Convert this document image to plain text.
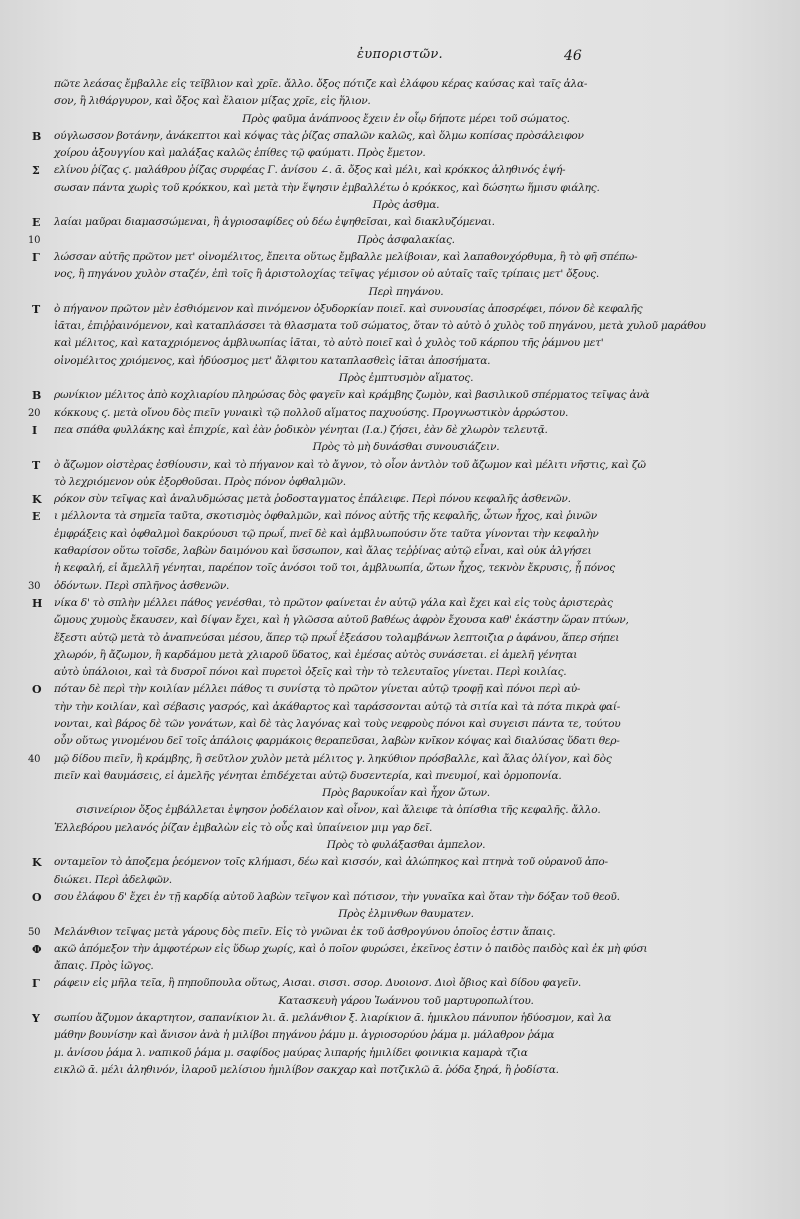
ἐυποριστῶν.	46
πῶτε λεάσας ἔμβαλλε εἰς τεῖβλιον καὶ χρῖε. ἄλλο. ὄξος πότιζε καὶ ἐλάφου κέρας καύσας καὶ ταῖς ἀλα-
σον, ἢ λιθάργυρον, καὶ ὄξος καὶ ἔλαιον μίξας χρῖε, εἰς ἥλιον.
Πρὸς φαῦμα ἀνάπνοος ἔχειν ἐν οἷῳ δήποτε μέρει τοῦ σώματος.
Β	ούγλωσσον βοτάνην, ἀνάκεπτοι καὶ κόψας τὰς ῥίζας σπαλῶν καλῶς, καὶ ὅλμω κοπίσας πρὸσάλειφον
χοίρου ἀξουγγίου καὶ μαλάξας καλῶς ἐπίθες τῷ φαύματι. Πρὸς ἔμετον.
Σ	ελίνου ῥίζας ϛ. μαλάθρου ῥίζας συρφέας Γ. ἀνίσου ∠. ᾱ. ὄξος καὶ μέλι, καὶ κρόκκος ἀληθινός ἑψή-
σωσαν πάντα χωρὶς τοῦ κρόκκου, καὶ μετὰ τὴν ἕψησιν ἐμβαλλέτω ὁ κρόκκος, καὶ δώσητω ἥμισυ φιάλης.
Πρὸς ἀσθμα.
Ε	λαίαι μαῦραι διαμασσώμεναι, ἢ ἀγριοσαφίδες οὐ δέω ἐψηθεῖσαι, καὶ διακλυζόμεναι.
10	Πρὸς ἀσφαλακίας.
Γ	λώσσαν αὐτῆς πρῶτον μετ' οἰνομέλιτος, ἔπειτα οὕτως ἔμβαλλε μελίβοιαν, καὶ λαπαθονχόρθυμα, ἢ τὸ φῆ σπέπω-
νος, ἢ πηγάνου χυλὸν σταζέν, ἐπὶ τοῖς ἢ ἀριστολοχίας τεῖψας γέμισον οὐ αὐταῖς ταῖς τρίπαις μετ' ὄξους.
Περὶ πηγάνου.
Τ	ὸ πήγανον πρῶτον μὲν ἐσθιόμενον καὶ πινόμενον ὀξυδορκίαν ποιεῖ. καὶ συνουσίας ἀποσρέφει, πόνον δὲ κεφαλῆς
ἰᾶται, ἐπιῤῥαινόμενον, καὶ καταπλάσσει τὰ θλασματα τοῦ σώματος, ὅταν τὸ αὐτὸ ὁ χυλὸς τοῦ πηγάνου, μετὰ χυλοῦ μαράθου
καὶ μέλιτος, καὶ καταχριόμενος ἀμβλυωπίας ἰᾶται, τὸ αὐτὸ ποιεῖ καὶ ὁ χυλὸς τοῦ κάρπου τῆς ῥάμνου μετ'
οἰνομέλιτος χριόμενος, καὶ ἡδύοσμος μετ' ἄλφιτου καταπλασθεὶς ἰᾶται ἀποσήματα.
Πρὸς ἐμπτυσμὸν αἵματος.
Β	ρωνίκιον μέλιτος ἀπὸ κοχλιαρίου πληρώσας δὸς φαγεῖν καὶ κράμβης ζωμὸν, καὶ βασιλικοῦ σπέρματος τεῖψας ἀνὰ
20	κόκκους ϛ. μετὰ οἴνου δὸς πιεῖν γυναικὶ τῷ πολλοῦ αἵματος παχυούσης. Προγνωστικὸν ἀρρώστου.
Ι	πεα σπάθα φυλλάκης καὶ ἐπιχρίε, καὶ ἐὰν ῥοδικὸν γένηται (Ι.α.) ζήσει, ἐὰν δὲ χλωρὸν τελευτᾷ.
Πρὸς τὸ μὴ δυνάσθαι συνουσιάζειν.
Τ	ὸ ἄζωμον οἰστὲρας ἐσθίουσιν, καὶ τὸ πήγανον καὶ τὸ ἄγνον, τὸ οἷον ἀντλὸν τοῦ ἄζωμον καὶ μέλιτι νῆστις, καὶ ζῶ
τὸ λεχριόμενον οὐκ ἐξορθοῦσαι. Πρὸς πόνον ὀφθαλμῶν.
Κ	ρόκον σὺν τεῖψας καὶ ἀναλυδμώσας μετὰ ῥοδοσταγματος ἐπάλειφε. Περὶ πόνου κεφαλῆς ἀσθενῶν.
Ε	ι μέλλοντα τὰ σημεῖα ταῦτα, σκοτισμὸς ὀφθαλμῶν, καὶ πόνος αὐτῆς τῆς κεφαλῆς, ὦτων ἦχος, καὶ ῥινῶν
ἐμφράξεις καὶ ὀφθαλμοὶ δακρύουσι τῷ πρωΐ, πνεῖ δὲ καὶ ἀμβλυωπούσιν ὅτε ταῦτα γίνονται τὴν κεφαλὴν
καθαρίσον οὕτω τοῖσδε, λαβὼν δαιμόνου καὶ ὕσσωπον, καὶ ἄλας τεῤῥίνας αὐτῷ εἶναι, καὶ οὐκ ἀλγήσει
ἡ κεφαλή, εἰ ἄμελλῆ γένηται, παρέπον τοῖς ἀνόσοι τοῦ τοι, ἀμβλυωπία, ὤτων ἦχος, τεκνὸν ἔκρυσις, ᾗ πόνος
30	ὀδόντων. Περὶ σπλῆνος ἀσθενῶν.
Η	νίκα δ' τὸ σπλὴν μέλλει πάθος γενέσθαι, τὸ πρῶτον φαίνεται ἐν αὐτῷ γάλα καὶ ἔχει καὶ εἰς τοὺς ἀριστερὰς
ὤμους χυμοὺς ἔκαυσεν, καὶ δίψαν ἔχει, καὶ ἡ γλῶσσα αὐτοῦ βαθέως ἀφρὸν ἔχουσα καθ' ἑκάστην ὥραν πτύων,
ἔξεστι αὐτῷ μετὰ τὸ ἀναπνεύσαι μέσου, ἅπερ τῷ πρωΐ ἐξεάσου τολαμβάνων λεπτοιζια ρ ἀφάνου, ἅπερ σήπει
χλωρόν, ἢ ἄζωμον, ἢ καρδάμου μετὰ χλιαροῦ ὕδατος, καὶ ἐμέσας αὐτὸς συνάσεται. εἰ ἀμελῆ γένηται
αὐτὸ ὑπάλοιοι, καὶ τὰ δυσροῖ πόνοι καὶ πυρετοὶ ὀξεῖς καὶ τὴν τὸ τελευταῖος γίνεται. Περὶ κοιλίας.
Ο	πόταν δὲ περὶ τὴν κοιλίαν μέλλει πάθος τι συνίστᾳ τὸ πρῶτον γίνεται αὐτῷ τροφῇ καὶ πόνοι περὶ αὐ-
τὴν τὴν κοιλίαν, καὶ σέβασις γασρός, καὶ ἀκάθαρτος καὶ ταράσσονται αὐτῷ τὰ σιτία καὶ τὰ πότα πικρὰ φαί-
νονται, καὶ βάρος δὲ τῶν γονάτων, καὶ δὲ τὰς λαγόνας καὶ τοὺς νεφροὺς πόνοι καὶ συγεισι πάντα τε, τούτου
οὖν οὕτως γινομένου δεῖ τοῖς ἀπάλοις φαρμάκοις θεραπεῦσαι, λαβὼν κνῖκον κόψας καὶ διαλύσας ὕδατι θερ-
40	μῷ δίδου πιεῖν, ἢ κράμβης, ἢ σεῦτλον χυλὸν μετὰ μέλιτος γ. ληκύθιον πρόσβαλλε, καὶ ἄλας ὀλίγον, καὶ δὸς
πιεῖν καὶ θαυμάσεις, εἰ ἀμελῆς γένηται ἐπιδέχεται αὐτῷ δυσεντερία, καὶ πνευμοί, καὶ ὀρμοπονία.
Πρὸς βαρυκοΐαν καὶ ἦχον ὤτων.
σισινείριον ὄξος ἐμβάλλεται ἑψησον ῥοδέλαιον καὶ οἶνον, καὶ ἄλειφε τὰ ὀπίσθια τῆς κεφαλῆς. ἄλλο.
Ἐλλεβόρου μελανός ῥίζαν ἐμβαλὼν εἰς τὸ οὖς καὶ ὑπαίνειον μιμ γαρ δεῖ.
Πρὸς τὸ φυλάξασθαι ἀμπελον.
Κ	ονταμεῖον τὸ ἀποζεμα ῥεόμενον τοῖς κλήμασι, δέω καὶ κισσόν, καὶ ἀλώπηκος καὶ πτηνὰ τοῦ οὐρανοῦ ἀπο-
διώκει. Περὶ ἀδελφῶν.
Ο	σου ἐλάφου δ' ἔχει ἐν τῇ καρδίᾳ αὐτοῦ λαβὼν τεῖψον καὶ πότισον, τὴν γυναῖκα καὶ ὅταν τὴν δόξαν τοῦ θεοῦ.
Πρὸς ἐλμινθων θαυματεν.
50	Μελάνθιον τεῖψας μετὰ γάρους δὸς πιεῖν. Εἰς τὸ γνῶναι ἐκ τοῦ ἀσθρογύνου ὁποῖος ἐστιν ἄπαις.
Φ	ακῶ ἀπόμεξον τὴν ἀμφοτέρων εἰς ὕδωρ χωρίς, καὶ ὁ ποῖον φυρώσει, ἐκεῖνος ἐστιν ὁ παιδὸς παιδὸς καὶ ἐκ μὴ φύσι
ἄπαις. Πρὸς ἰῶγος.
Γ	ράφειν εἰς μῆλα τεῖα, ἢ πηποῦπουλα οὕτως, Αισαι. σισσι. σσορ. Δυοιονσ. Διοὶ ὄβιος καὶ δίδου φαγεῖν.
Κατασκευὴ γάρου Ἰωάννου τοῦ μαρτυροπωλίτου.
Υ	σωπίου ἄζυμον ἀκαρτητον, σαπανίκιον λι. ᾱ. μελάνθιον ξ. λιαρίκιον ᾱ. ἡμικλου πάνυπον ἡδύοσμον, καὶ λα
μάθην βουνίσην καὶ ἄνισον ἀνὰ ἡ μιλίβοι πηγάνου ῥάμυ μ. ἀγριοσορύου ῥάμα μ. μάλαθρον ῥάμα
μ. ἀνίσου ῥάμα λ. ναπικοῦ ῥάμα μ. σαφίδος μαύρας λιπαρής ἡμιλίδει φοινικια καμαρὰ τζια
εικλῶ ᾱ. μέλι ἀληθινόν, ἱλαροῦ μελίσιου ἡμιλίβον σακχαρ καὶ ποτζικλῶ ᾱ. ῥόδα ξηρά, ἢ ῥοδίστα.
